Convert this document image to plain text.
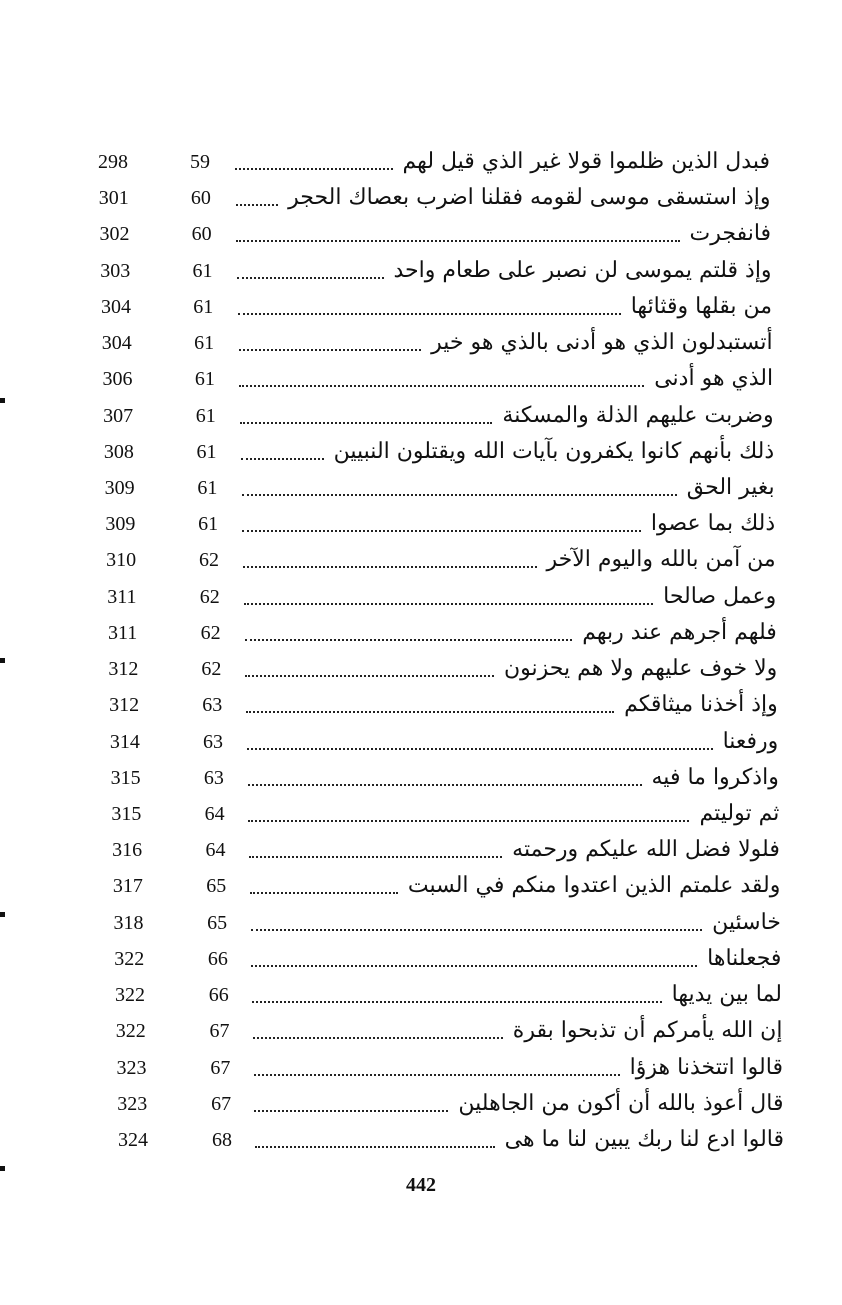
298	59	فبدل الذين ظلموا قولا غير الذي قيل لهم
301	60	وإذ استسقى موسى لقومه فقلنا اضرب بعصاك الحجر
302	60	فانفجرت
303	61	وإذ قلتم يموسى لن نصبر على طعام واحد
304	61	من بقلها وقثائها
304	61	أتستبدلون الذي هو أدنى بالذي هو خير
306	61	الذي هو أدنى
307	61	وضربت عليهم الذلة والمسكنة
308	61	ذلك بأنهم كانوا يكفرون بآيات الله ويقتلون النبيين
309	61	بغير الحق
309	61	ذلك بما عصوا
310	62	من آمن بالله واليوم الآخر
311	62	وعمل صالحا
311	62	فلهم أجرهم عند ربهم
312	62	ولا خوف عليهم ولا هم يحزنون
312	63	وإذ أخذنا ميثاقكم
314	63	ورفعنا
315	63	واذكروا ما فيه
315	64	ثم توليتم
316	64	فلولا فضل الله عليكم ورحمته
317	65	ولقد علمتم الذين اعتدوا منكم في السبت
318	65	خاسئين
322	66	فجعلناها
322	66	لما بين يديها
322	67	إن الله يأمركم أن تذبحوا بقرة
323	67	قالوا اتتخذنا هزؤا
323	67	قال أعوذ بالله أن أكون من الجاهلين
324	68	قالوا ادع لنا ربك يبين لنا ما هى
442
